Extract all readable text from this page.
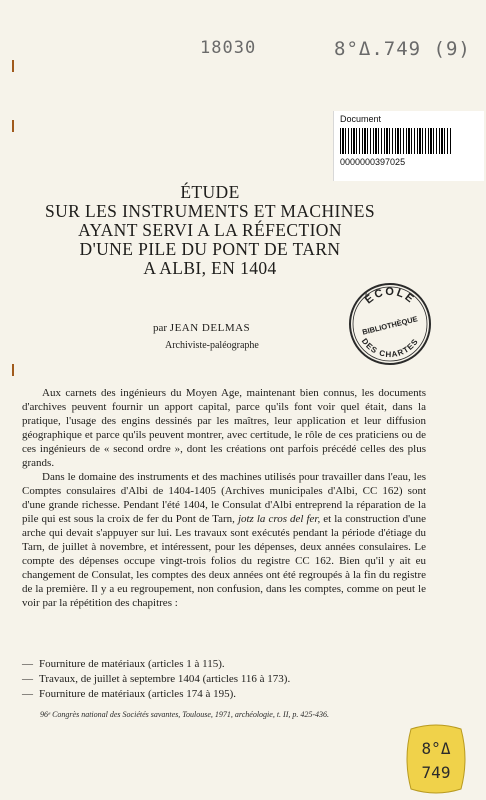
18030	8°Δ.749 (9)
Document
0000000397025
ÉTUDE
SUR LES INSTRUMENTS ET MACHINES
AYANT SERVI A LA RÉFECTION
D'UNE PILE DU PONT DE TARN
A ALBI, EN 1404
ÉCOLE
BIBLIOTHÈQUE
DES CHARTES
par JEAN DELMAS
Archiviste-paléographe

Aux carnets des ingénieurs du Moyen Age, maintenant bien connus, les documents d'archives peuvent fournir un apport capital, parce qu'ils font voir quel était, dans la pratique, l'usage des engins dessinés par les maîtres, leur application et leur diffusion géographique et parce qu'ils peuvent montrer, avec certitude, le rôle de ces praticiens ou de ces ingénieurs de « second ordre », dont les créations ont parfois précédé celles des plus grands.

Dans le domaine des instruments et des machines utilisés pour travailler dans l'eau, les Comptes consulaires d'Albi de 1404-1405 (Archives municipales d'Albi, CC 162) sont d'une grande richesse. Pendant l'été 1404, le Consulat d'Albi entreprend la réparation de la pile qui est sous la croix de fer du Pont de Tarn, jotz la cros del fer, et la construction d'une arche qui devait s'appuyer sur lui. Les travaux sont exécutés pendant la période d'étiage du Tarn, de juillet à novembre, et intéressent, pour les dépenses, deux années consulaires. Le compte des dépenses occupe vingt-trois folios du registre CC 162. Bien qu'il y ait eu changement de Consulat, les comptes des deux années ont été regroupés à la fin du registre de la première. Il y a eu regroupement, non confusion, dans les comptes, comme on peut le voir par la répétition des chapitres :

— Fourniture de matériaux (articles 1 à 115).
— Travaux, de juillet à septembre 1404 (articles 116 à 173).
— Fourniture de matériaux (articles 174 à 195).
96ᵉ Congrès national des Sociétés savantes, Toulouse, 1971, archéologie, t. II, p. 425-436.
8°Δ
749
